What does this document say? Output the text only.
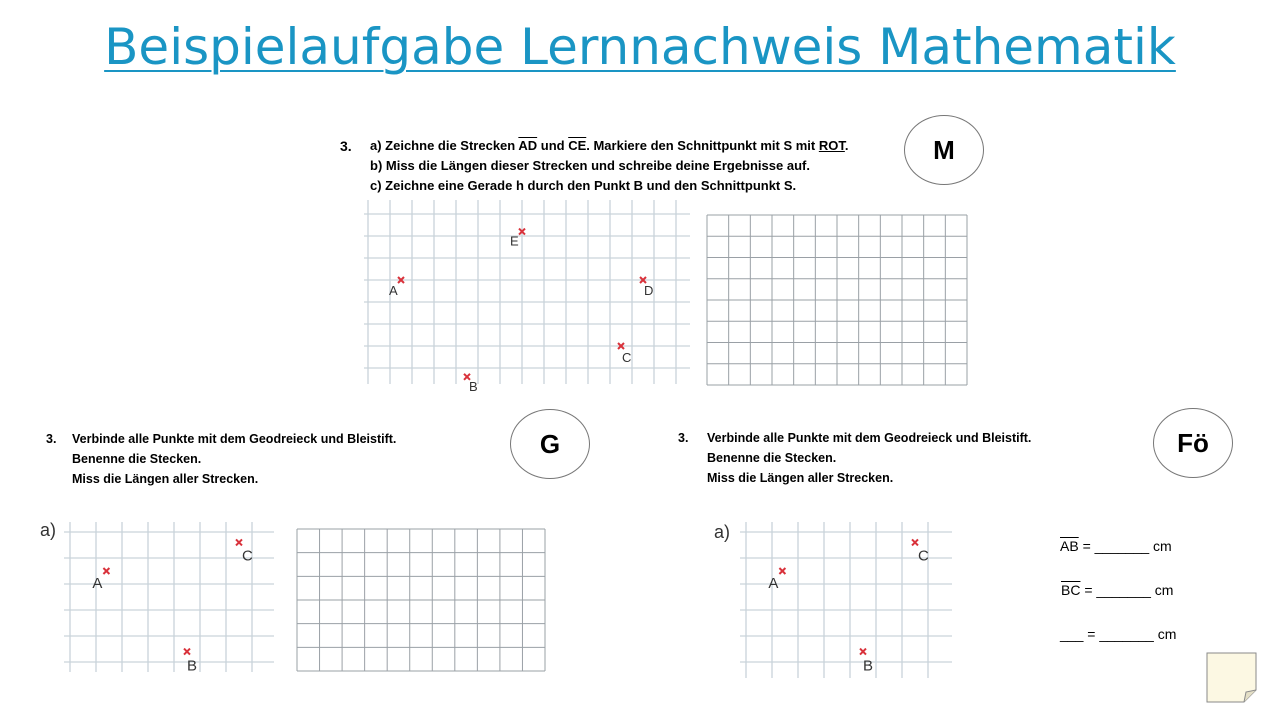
Beispielaufgabe Lernnachweis Mathematik
3. a) Zeichne die Strecken $\overline{AD}$ und $\overline{CE}$. Markiere den Schnittpunkt mit S mit ROT.
b) Miss die Längen dieser Strecken und schreibe deine Ergebnisse auf.
c) Zeichne eine Gerade h durch den Punkt B und den Schnittpunkt S.
M
A
E
D
C
B
3. Verbinde alle Punkte mit dem Geodreieck und Bleistift.
Benenne die Stecken.
Miss die Längen aller Strecken.
G
a)
A
C
B
3. Verbinde alle Punkte mit dem Geodreieck und Bleistift.
Benenne die Stecken.
Miss die Längen aller Strecken.
Fö
a)
A
C
B
$\overline{AB}$ = _______ cm
$\overline{BC}$ = _______ cm
___ = _______ cm
